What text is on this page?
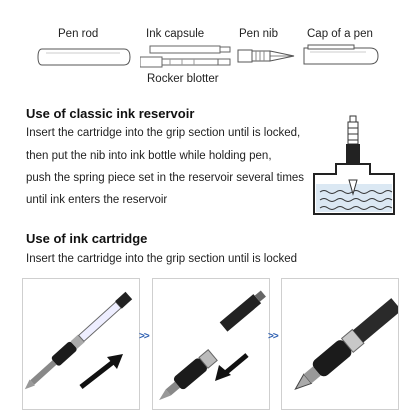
Pen rod	Ink capsule	Pen nib	Cap of a pen
Rocker blotter
Use of classic ink reservoir
Insert the cartridge into the grip section until is locked,
then put the nib into ink bottle while holding pen,
push the spring piece set in the reservoir several times
until ink enters the reservoir
Use of ink cartridge
Insert the cartridge into the grip section until is locked
>>	>>
